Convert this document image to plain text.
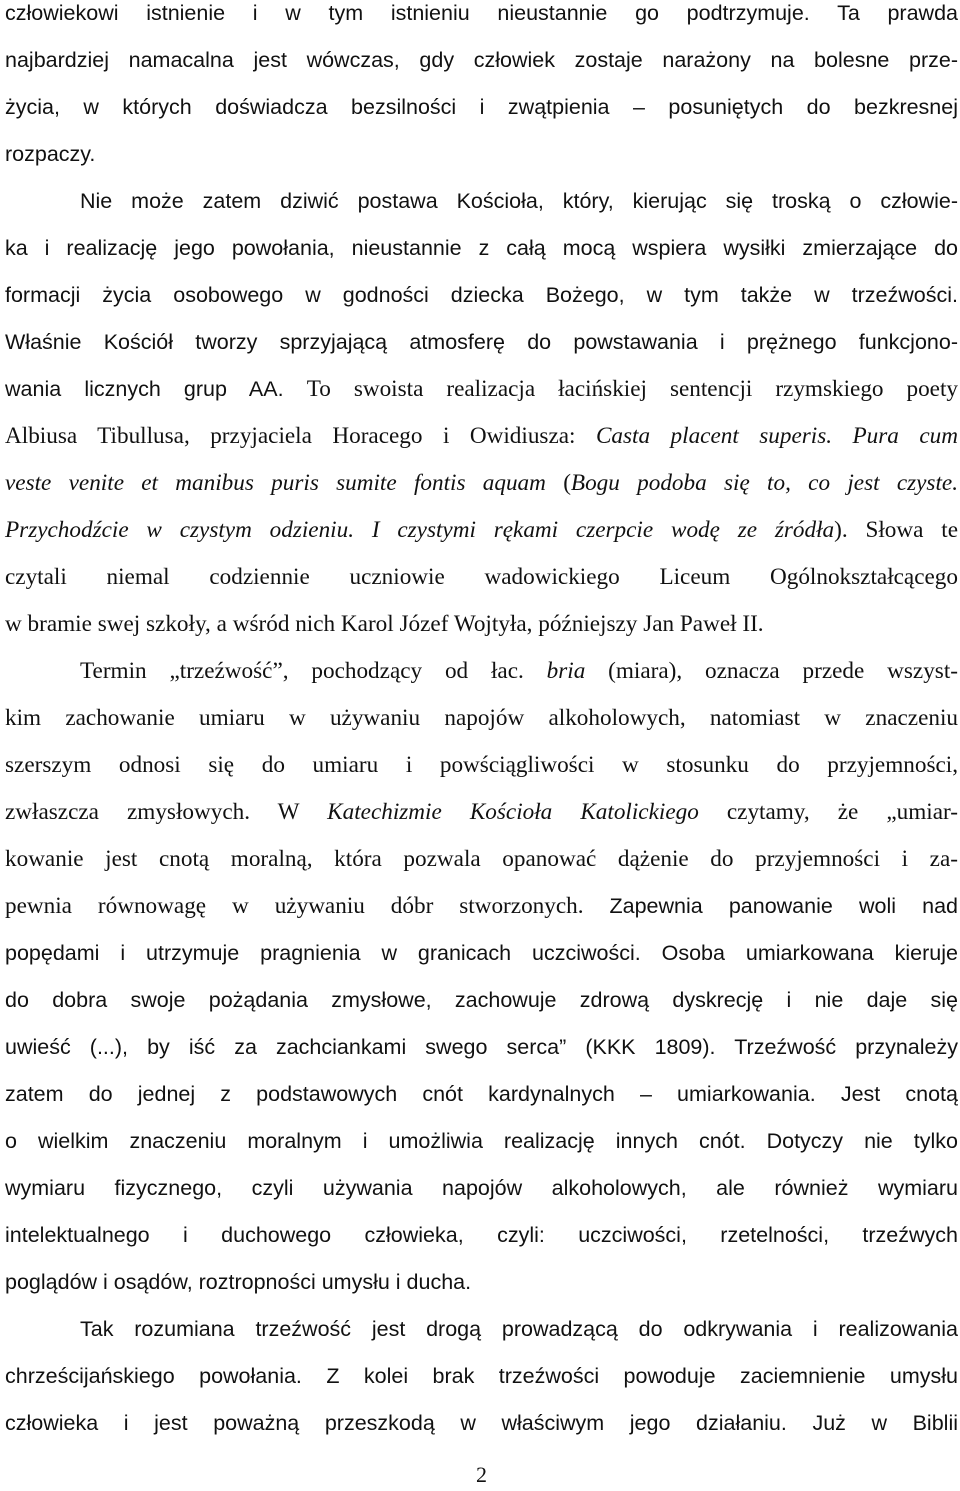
człowiekowi istnienie i w tym istnieniu nieustannie go podtrzymuje. Ta prawda
najbardziej namacalna jest wówczas, gdy człowiek zostaje narażony na bolesne prze-
życia, w których doświadcza bezsilności i zwątpienia – posuniętych do bezkresnej
rozpaczy.
Nie może zatem dziwić postawa Kościoła, który, kierując się troską o człowie-
ka i realizację jego powołania, nieustannie z całą mocą wspiera wysiłki zmierzające do
formacji życia osobowego w godności dziecka Bożego, w tym także w trzeźwości.
Właśnie Kościół tworzy sprzyjającą atmosferę do powstawania i prężnego funkcjono-
wania licznych grup AA. To swoista realizacja łacińskiej sentencji rzymskiego poety
Albiusa Tibullusa, przyjaciela Horacego i Owidiusza: Casta placent superis. Pura cum
veste venite et manibus puris sumite fontis aquam (Bogu podoba się to, co jest czyste.
Przychodźcie w czystym odzieniu. I czystymi rękami czerpcie wodę ze źródła). Słowa te
czytali niemal codziennie uczniowie wadowickiego Liceum Ogólnokształcącego
w bramie swej szkoły, a wśród nich Karol Józef Wojtyła, późniejszy Jan Paweł II.
Termin „trzeźwość”, pochodzący od łac. bria (miara), oznacza przede wszyst-
kim zachowanie umiaru w używaniu napojów alkoholowych, natomiast w znaczeniu
szerszym odnosi się do umiaru i powściągliwości w stosunku do przyjemności,
zwłaszcza zmysłowych. W Katechizmie Kościoła Katolickiego czytamy, że „umiar-
kowanie jest cnotą moralną, która pozwala opanować dążenie do przyjemności i za-
pewnia równowagę w używaniu dóbr stworzonych. Zapewnia panowanie woli nad
popędami i utrzymuje pragnienia w granicach uczciwości. Osoba umiarkowana kieruje
do dobra swoje pożądania zmysłowe, zachowuje zdrową dyskrecję i nie daje się
uwieść (...), by iść za zachciankami swego serca” (KKK 1809). Trzeźwość przynależy
zatem do jednej z podstawowych cnót kardynalnych – umiarkowania. Jest cnotą
o wielkim znaczeniu moralnym i umożliwia realizację innych cnót. Dotyczy nie tylko
wymiaru fizycznego, czyli używania napojów alkoholowych, ale również wymiaru
intelektualnego i duchowego człowieka, czyli: uczciwości, rzetelności, trzeźwych
poglądów i osądów, roztropności umysłu i ducha.
Tak rozumiana trzeźwość jest drogą prowadzącą do odkrywania i realizowania
chrześcijańskiego powołania. Z kolei brak trzeźwości powoduje zaciemnienie umysłu
człowieka i jest poważną przeszkodą w właściwym jego działaniu. Już w Biblii
2
